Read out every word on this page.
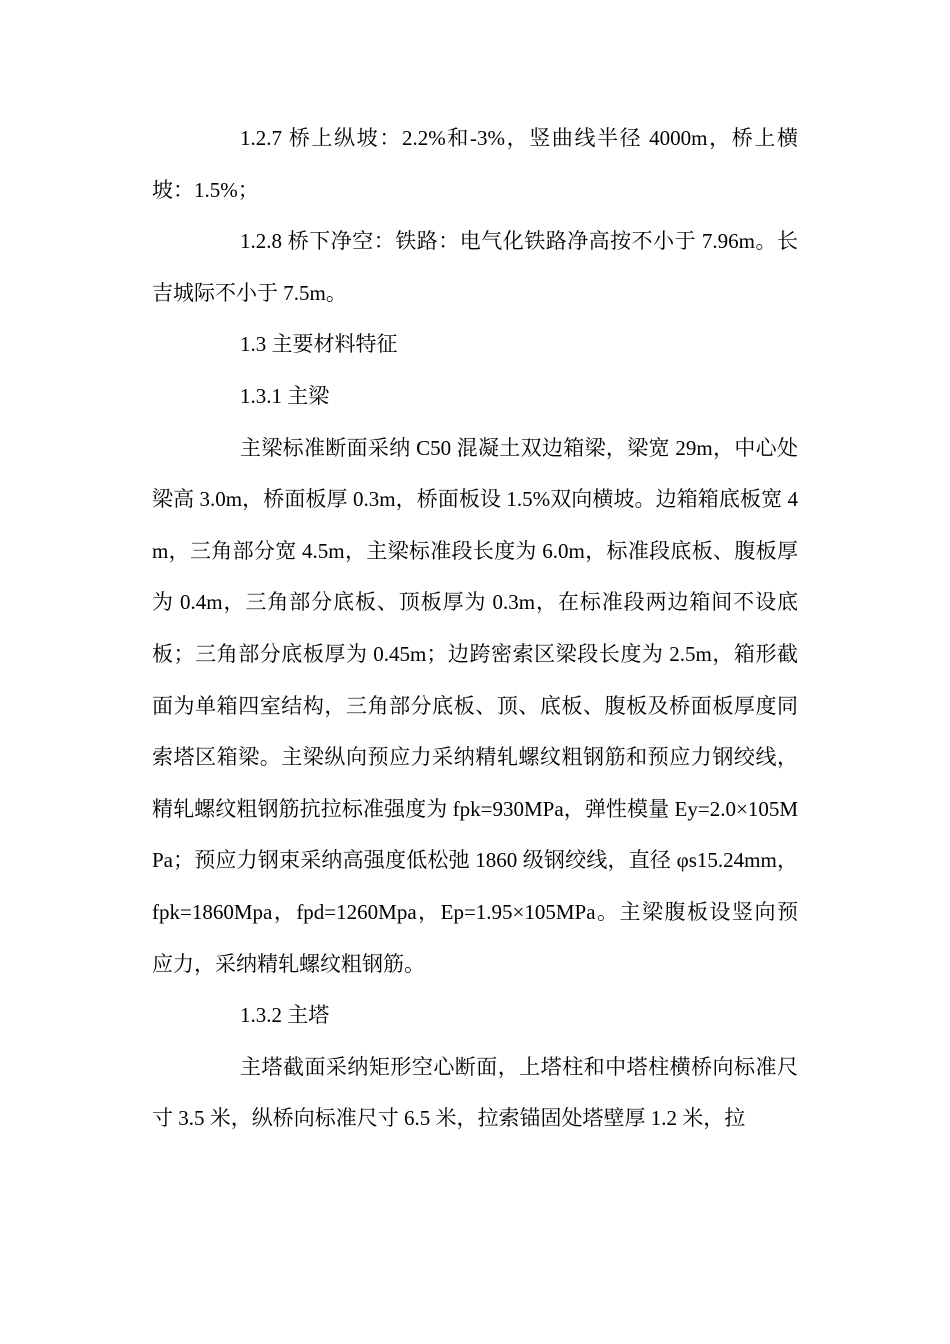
1.2.7 桥上纵坡：2.2%和-3%，竖曲线半径 4000m，桥上横坡：1.5%；

1.2.8 桥下净空：铁路：电气化铁路净高按不小于 7.96m。长吉城际不小于 7.5m。

1.3 主要材料特征

1.3.1 主梁

主梁标准断面采纳 C50 混凝土双边箱梁，梁宽 29m，中心处梁高 3.0m，桥面板厚 0.3m，桥面板设 1.5%双向横坡。边箱箱底板宽 4m，三角部分宽 4.5m，主梁标准段长度为 6.0m，标准段底板、腹板厚为 0.4m，三角部分底板、顶板厚为 0.3m，在标准段两边箱间不设底板；三角部分底板厚为 0.45m；边跨密索区梁段长度为 2.5m，箱形截面为单箱四室结构，三角部分底板、顶、底板、腹板及桥面板厚度同索塔区箱梁。主梁纵向预应力采纳精轧螺纹粗钢筋和预应力钢绞线，精轧螺纹粗钢筋抗拉标准强度为 fpk=930MPa，弹性模量 Ey=2.0×105MPa；预应力钢束采纳高强度低松弛 1860 级钢绞线，直径 φs15.24mm，fpk=1860Mpa，fpd=1260Mpa，Ep=1.95×105MPa。主梁腹板设竖向预应力，采纳精轧螺纹粗钢筋。

1.3.2 主塔

主塔截面采纳矩形空心断面，上塔柱和中塔柱横桥向标准尺寸 3.5 米，纵桥向标准尺寸 6.5 米，拉索锚固处塔壁厚 1.2 米，拉
